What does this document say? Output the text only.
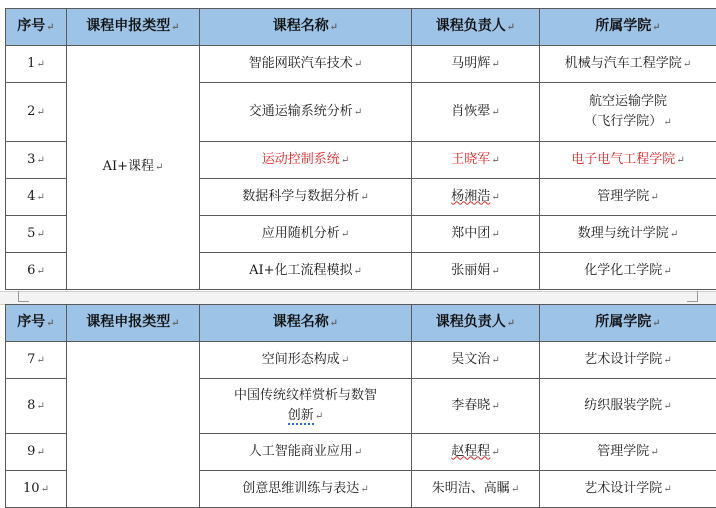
序号↵	课程申报类型↵	课程名称↵	课程负责人↵	所属学院↵
1↵	AI+课程↵	智能网联汽车技术↵	马明辉↵	机械与汽车工程学院↵
2↵		交通运输系统分析↵	肖恢翚↵	航空运输学院
（飞行学院）↵
3↵		运动控制系统↵	王晓军↵	电子电气工程学院↵
4↵		数据科学与数据分析↵	杨湘浩↵	管理学院↵
5↵		应用随机分析↵	郑中团↵	数理与统计学院↵
6↵		AI+化工流程模拟↵	张丽娟↵	化学化工学院↵
序号↵	课程申报类型↵	课程名称↵	课程负责人↵	所属学院↵
7↵		空间形态构成↵	吴文治↵	艺术设计学院↵
8↵		中国传统纹样赏析与数智
创新↵	李春晓↵	纺织服装学院↵
9↵		人工智能商业应用↵	赵程程↵	管理学院↵
10↵		创意思维训练与表达↵	朱明洁、高瞩↵	艺术设计学院↵
